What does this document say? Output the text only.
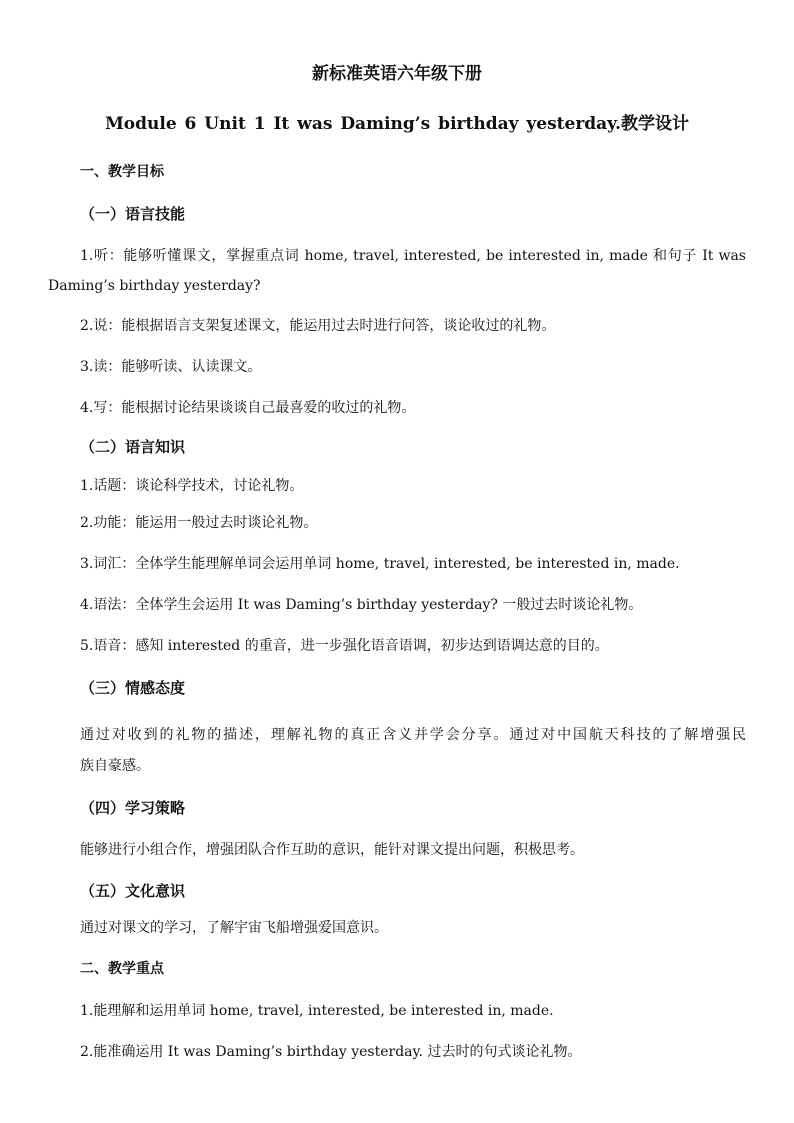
新标准英语六年级下册
Module 6 Unit 1 It was Daming’s birthday yesterday.教学设计
一、教学目标
（一）语言技能
1.听：能够听懂课文，掌握重点词 home, travel, interested, be interested in, made 和句子 It was
Daming’s birthday yesterday?
2.说：能根据语言支架复述课文，能运用过去时进行问答，谈论收过的礼物。
3.读：能够听读、认读课文。
4.写：能根据讨论结果谈谈自己最喜爱的收过的礼物。
（二）语言知识
1.话题：谈论科学技术，讨论礼物。
2.功能：能运用一般过去时谈论礼物。
3.词汇：全体学生能理解单词会运用单词 home, travel, interested, be interested in, made.
4.语法：全体学生会运用 It was Daming’s birthday yesterday? 一般过去时谈论礼物。
5.语音：感知 interested 的重音，进一步强化语音语调，初步达到语调达意的目的。
（三）情感态度
通过对收到的礼物的描述，理解礼物的真正含义并学会分享。通过对中国航天科技的了解增强民
族自豪感。
（四）学习策略
能够进行小组合作，增强团队合作互助的意识，能针对课文提出问题，积极思考。
（五）文化意识
通过对课文的学习，了解宇宙飞船增强爱国意识。
二、教学重点
1.能理解和运用单词 home, travel, interested, be interested in, made.
2.能准确运用 It was Daming’s birthday yesterday. 过去时的句式谈论礼物。
